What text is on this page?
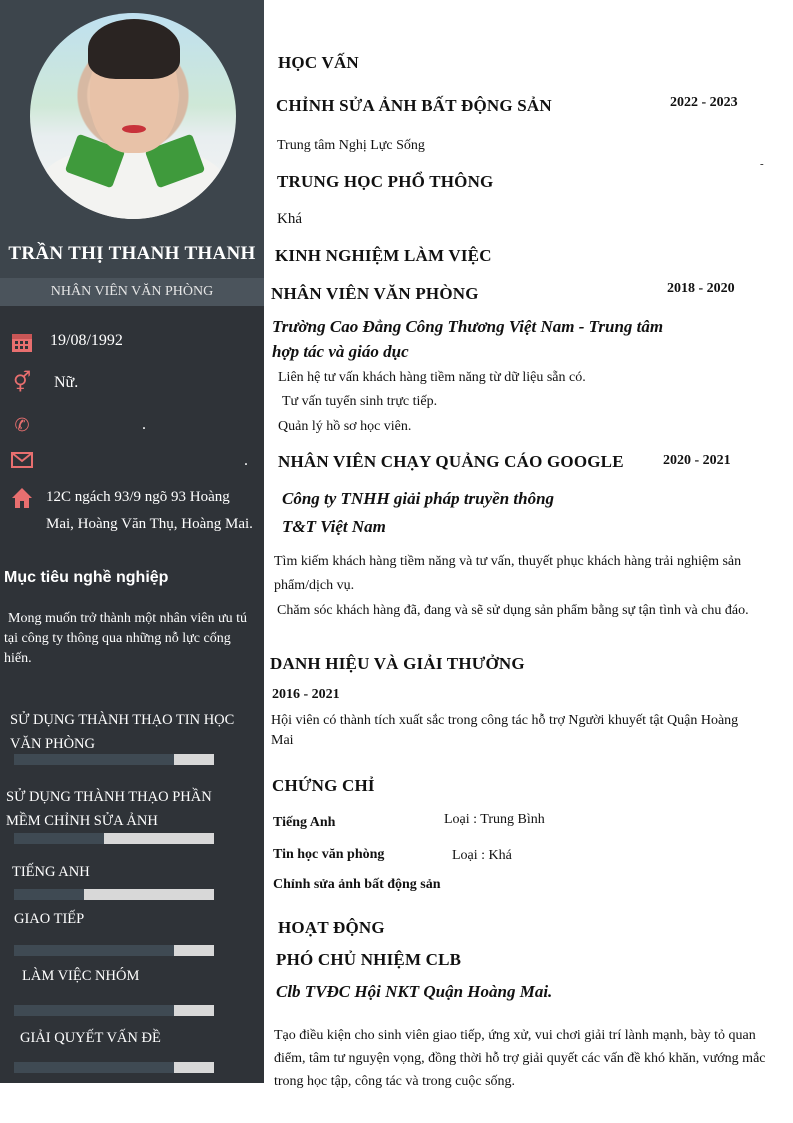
TRẦN THỊ THANH THANH
NHÂN VIÊN VĂN PHÒNG
19/08/1992
⚥ Nữ.
✆	.
.
12C ngách 93/9 ngõ 93 Hoàng Mai, Hoàng Văn Thụ, Hoàng Mai.
Mục tiêu nghề nghiệp
Mong muốn trở thành một nhân viên ưu tú tại công ty thông qua những nỗ lực cống hiến.
SỬ DỤNG THÀNH THẠO TIN HỌC VĂN PHÒNG
SỬ DỤNG THÀNH THẠO PHẦN MỀM CHỈNH SỬA ẢNH
TIẾNG ANH
GIAO TIẾP
LÀM VIỆC NHÓM
GIẢI QUYẾT VẤN ĐỀ
HỌC VẤN
CHỈNH SỬA ẢNH BẤT ĐỘNG SẢN	2022 - 2023
Trung tâm Nghị Lực Sống
-
TRUNG HỌC PHỔ THÔNG
Khá
KINH NGHIỆM LÀM VIỆC
NHÂN VIÊN VĂN PHÒNG	2018 - 2020
Trường Cao Đẳng Công Thương Việt Nam - Trung tâm hợp tác và giáo dục
Liên hệ tư vấn khách hàng tiềm năng từ dữ liệu sẵn có.
Tư vấn tuyển sinh trực tiếp.
Quản lý hồ sơ học viên.
NHÂN VIÊN CHẠY QUẢNG CÁO GOOGLE	2020 - 2021
Công ty TNHH giải pháp truyền thông T&T Việt Nam
Tìm kiếm khách hàng tiềm năng và tư vấn, thuyết phục khách hàng trải nghiệm sản phẩm/dịch vụ.
Chăm sóc khách hàng đã, đang và sẽ sử dụng sản phẩm bằng sự tận tình và chu đáo.
DANH HIỆU VÀ GIẢI THƯỞNG
2016 - 2021
Hội viên có thành tích xuất sắc trong công tác hỗ trợ Người khuyết tật Quận Hoàng Mai
CHỨNG CHỈ
Tiếng Anh	Loại : Trung Bình
Tin học văn phòng	Loại : Khá
Chỉnh sửa ảnh bất động sản
HOẠT ĐỘNG
PHÓ CHỦ NHIỆM CLB
Clb TVĐC Hội NKT Quận Hoàng Mai.
Tạo điều kiện cho sinh viên giao tiếp, ứng xử, vui chơi giải trí lành mạnh, bày tỏ quan điểm, tâm tư nguyện vọng, đồng thời hỗ trợ giải quyết các vấn đề khó khăn, vướng mắc trong học tập, công tác và trong cuộc sống.
